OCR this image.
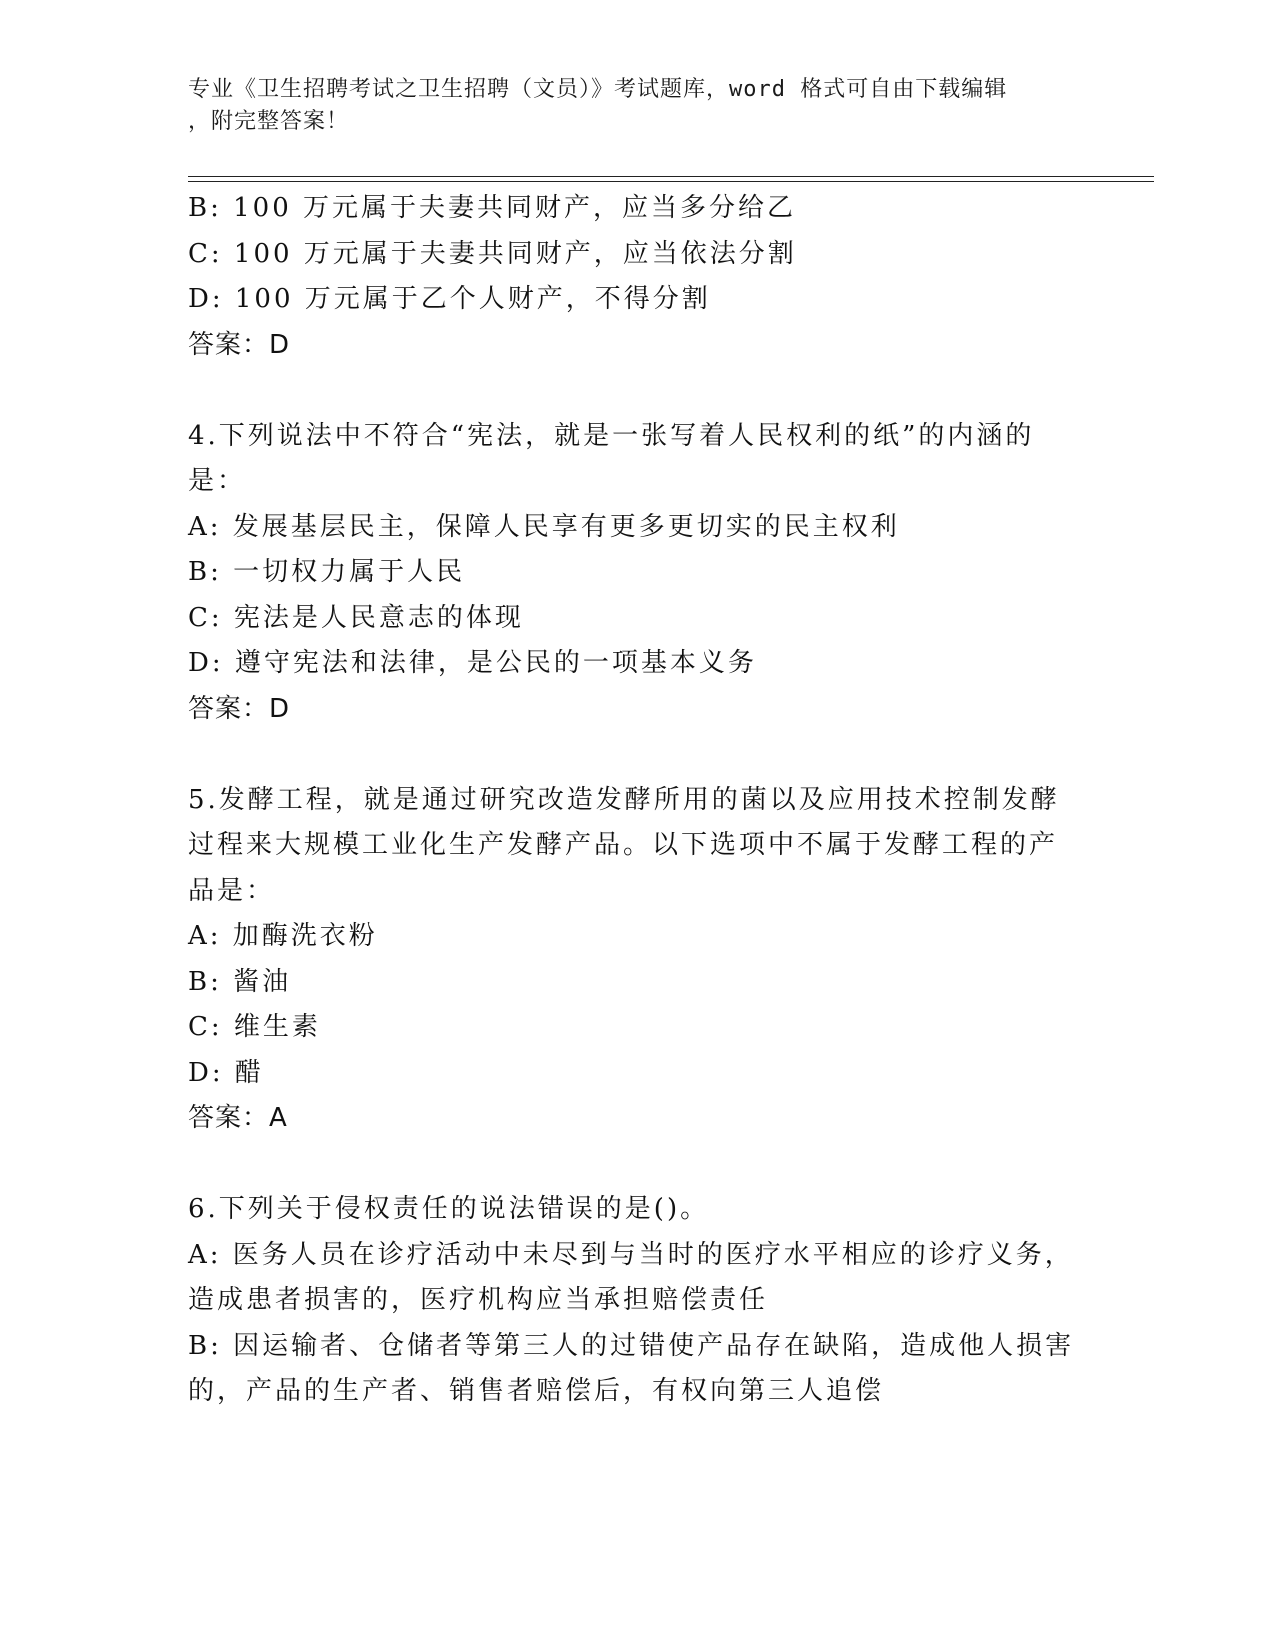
专业《卫生招聘考试之卫生招聘（文员）》考试题库，word 格式可自由下载编辑
，附完整答案！
B: 100 万元属于夫妻共同财产，应当多分给乙
C: 100 万元属于夫妻共同财产，应当依法分割
D: 100 万元属于乙个人财产，不得分割
答案：D
4.下列说法中不符合“宪法，就是一张写着人民权利的纸”的内涵的
是：
A: 发展基层民主，保障人民享有更多更切实的民主权利
B: 一切权力属于人民
C: 宪法是人民意志的体现
D: 遵守宪法和法律，是公民的一项基本义务
答案：D
5.发酵工程，就是通过研究改造发酵所用的菌以及应用技术控制发酵
过程来大规模工业化生产发酵产品。以下选项中不属于发酵工程的产
品是：
A: 加酶洗衣粉
B: 酱油
C: 维生素
D: 醋
答案：A
6.下列关于侵权责任的说法错误的是()。
A: 医务人员在诊疗活动中未尽到与当时的医疗水平相应的诊疗义务，
造成患者损害的，医疗机构应当承担赔偿责任
B: 因运输者、仓储者等第三人的过错使产品存在缺陷，造成他人损害
的，产品的生产者、销售者赔偿后，有权向第三人追偿
